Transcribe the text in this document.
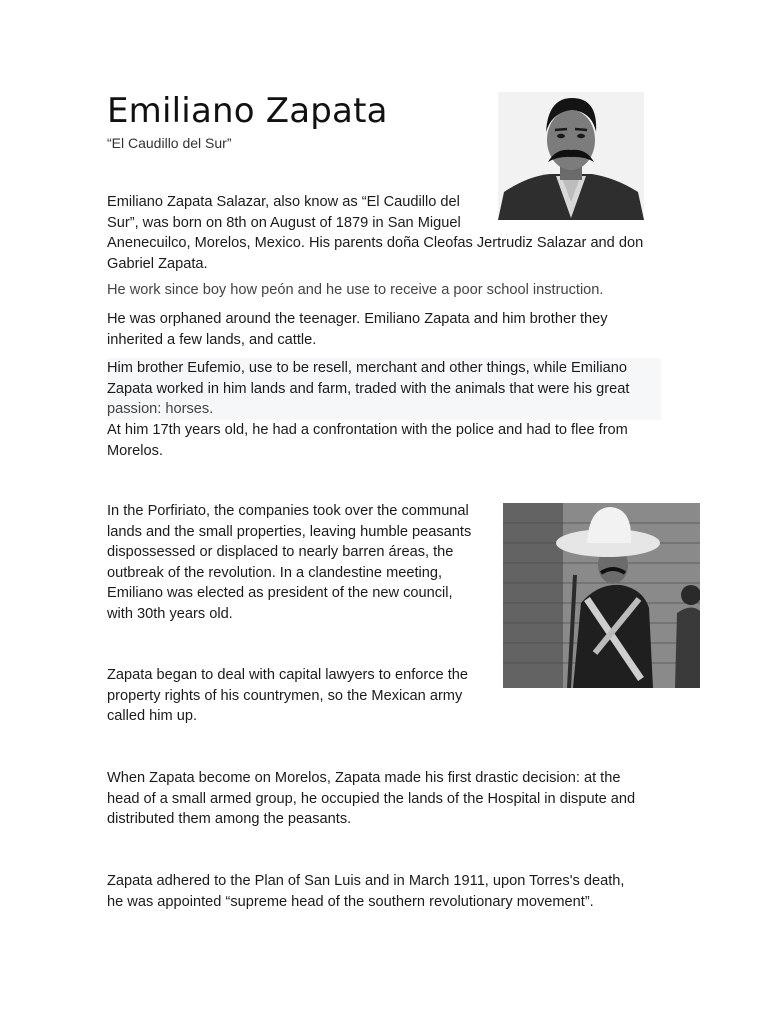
Emiliano Zapata
“El Caudillo del Sur”
Emiliano Zapata Salazar, also know as “El Caudillo del
Sur”, was born on 8th on August of 1879 in San Miguel
Anenecuilco, Morelos, Mexico. His parents doña Cleofas Jertrudiz Salazar and don
Gabriel Zapata.
He work since boy how peón and he use to receive a poor school instruction.
He was orphaned around the teenager. Emiliano Zapata and him brother they
inherited a few lands, and cattle.
Him brother Eufemio, use to be resell, merchant and other things, while Emiliano
Zapata worked in him lands and farm, traded with the animals that were his great
passion: horses.
At him 17th years old, he had a confrontation with the police and had to flee from
Morelos.
In the Porfiriato, the companies took over the communal
lands and the small properties, leaving humble peasants
dispossessed or displaced to nearly barren áreas, the
outbreak of the revolution. In a clandestine meeting,
Emiliano was elected as president of the new council,
with 30th years old.
Zapata began to deal with capital lawyers to enforce the
property rights of his countrymen, so the Mexican army
called him up.
When Zapata become on Morelos, Zapata made his first drastic decision: at the
head of a small armed group, he occupied the lands of the Hospital in dispute and
distributed them among the peasants.
Zapata adhered to the Plan of San Luis and in March 1911, upon Torres's death,
he was appointed “supreme head of the southern revolutionary movement”.
